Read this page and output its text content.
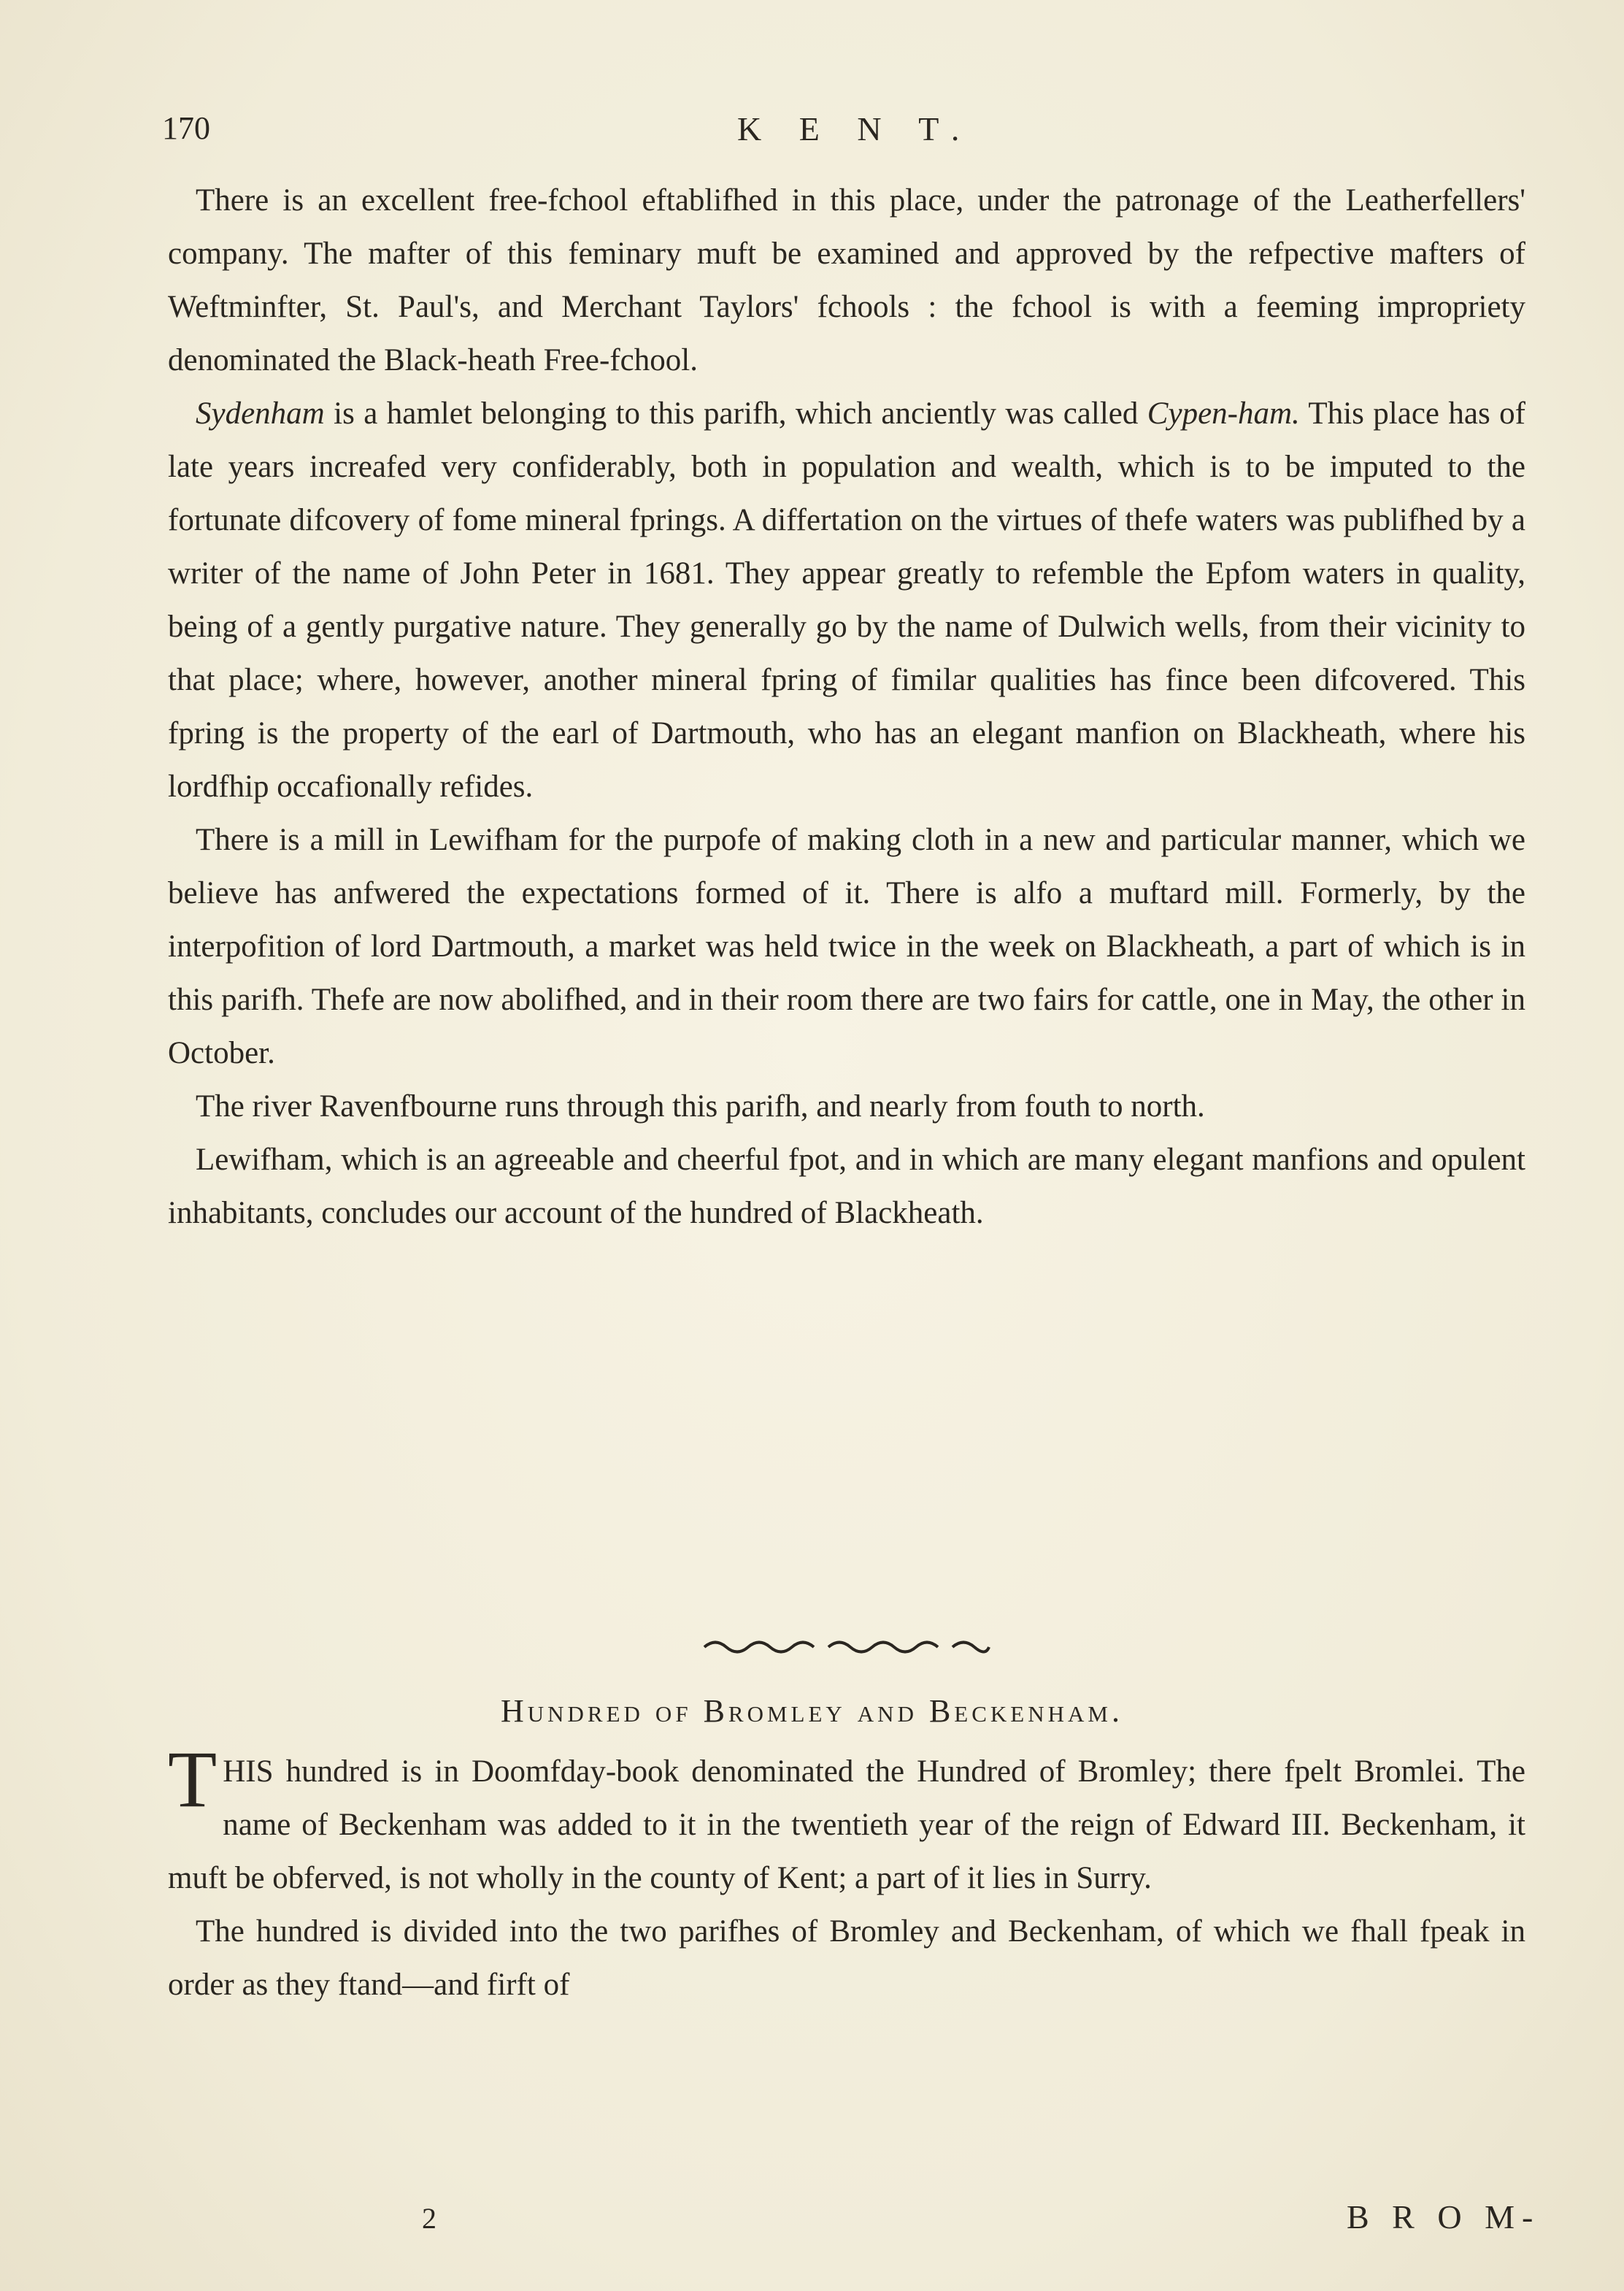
170	K E N T.

There is an excellent free-fchool eftablifhed in this place, under the patronage of the Leatherfellers' company. The mafter of this feminary muft be examined and approved by the refpective mafters of Weftminfter, St. Paul's, and Merchant Taylors' fchools : the fchool is with a feeming impropriety denominated the Black-heath Free-fchool.

Sydenham is a hamlet belonging to this parifh, which anciently was called Cypen-ham. This place has of late years increafed very confiderably, both in population and wealth, which is to be imputed to the fortunate difcovery of fome mineral fprings. A differtation on the virtues of thefe waters was publifhed by a writer of the name of John Peter in 1681. They appear greatly to refemble the Epfom waters in quality, being of a gently purgative nature. They generally go by the name of Dulwich wells, from their vicinity to that place; where, however, another mineral fpring of fimilar qualities has fince been difcovered. This fpring is the property of the earl of Dartmouth, who has an elegant manfion on Blackheath, where his lordfhip occafionally refides.

There is a mill in Lewifham for the purpofe of making cloth in a new and particular manner, which we believe has anfwered the expectations formed of it. There is alfo a muftard mill. Formerly, by the interpofition of lord Dartmouth, a market was held twice in the week on Blackheath, a part of which is in this parifh. Thefe are now abolifhed, and in their room there are two fairs for cattle, one in May, the other in October.

The river Ravenfbourne runs through this parifh, and nearly from fouth to north.

Lewifham, which is an agreeable and cheerful fpot, and in which are many elegant manfions and opulent inhabitants, concludes our account of the hundred of Blackheath.

Hundred of Bromley and Beckenham.

THIS hundred is in Doomfday-book denominated the Hundred of Bromley; there fpelt Bromlei. The name of Beckenham was added to it in the twentieth year of the reign of Edward III. Beckenham, it muft be obferved, is not wholly in the county of Kent; a part of it lies in Surry.

The hundred is divided into the two parifhes of Bromley and Beckenham, of which we fhall fpeak in order as they ftand—and firft of

2	B R O M-
